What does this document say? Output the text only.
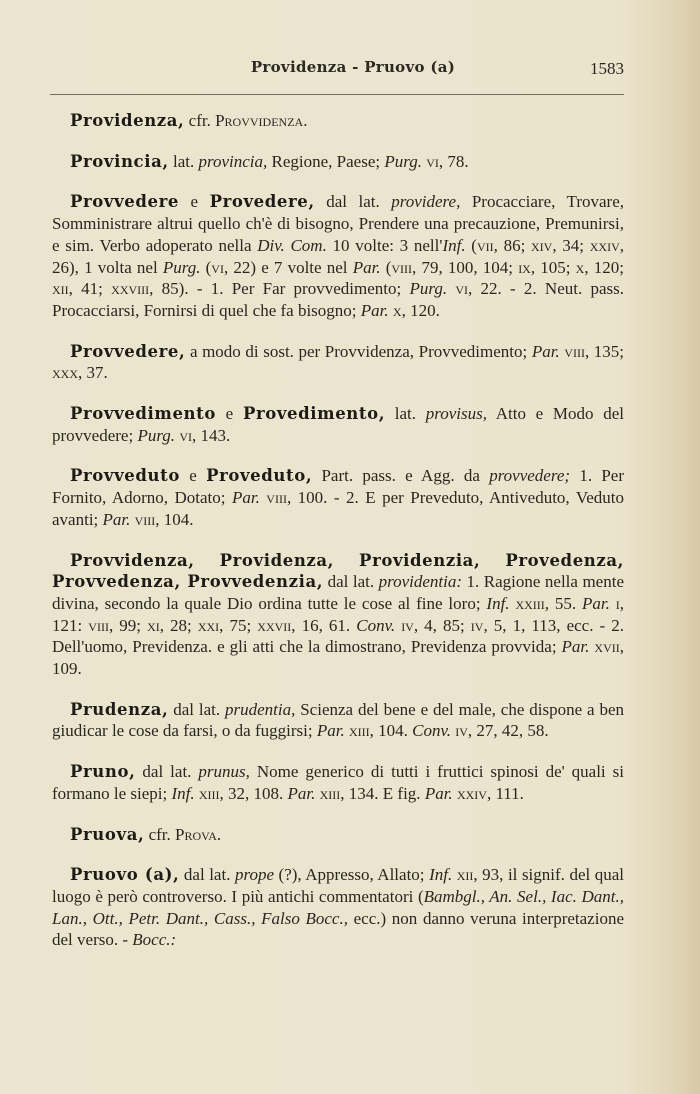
Providenza - Pruovo (a)	1583

Providenza, cfr. Provvidenza.

Provincia, lat. provincia, Regione, Paese; Purg. vi, 78.

Provvedere e Provedere, dal lat. providere, Procacciare, Trovare, Somministrare altrui quello ch'è di bisogno, Prendere una precauzione, Premunirsi, e sim. Verbo adoperato nella Div. Com. 10 volte: 3 nell'Inf. (vii, 86; xiv, 34; xxiv, 26), 1 volta nel Purg. (vi, 22) e 7 volte nel Par. (viii, 79, 100, 104; ix, 105; x, 120; xii, 41; xxviii, 85). - 1. Per Far provvedimento; Purg. vi, 22. - 2. Neut. pass. Procacciarsi, Fornirsi di quel che fa bisogno; Par. x, 120.

Provvedere, a modo di sost. per Provvidenza, Provvedimento; Par. viii, 135; xxx, 37.

Provvedimento e Provedimento, lat. provisus, Atto e Modo del provvedere; Purg. vi, 143.

Provveduto e Proveduto, Part. pass. e Agg. da provvedere; 1. Per Fornito, Adorno, Dotato; Par. viii, 100. - 2. E per Preveduto, Antiveduto, Veduto avanti; Par. viii, 104.

Provvidenza, Providenza, Providenzia, Provedenza, Provvedenza, Provvedenzia, dal lat. providentia: 1. Ragione nella mente divina, secondo la quale Dio ordina tutte le cose al fine loro; Inf. xxiii, 55. Par. i, 121: viii, 99; xi, 28; xxi, 75; xxvii, 16, 61. Conv. iv, 4, 85; iv, 5, 1, 113, ecc. - 2. Dell'uomo, Previdenza. e gli atti che la dimostrano, Previdenza provvida; Par. xvii, 109.

Prudenza, dal lat. prudentia, Scienza del bene e del male, che dispone a ben giudicar le cose da farsi, o da fuggirsi; Par. xiii, 104. Conv. iv, 27, 42, 58.

Pruno, dal lat. prunus, Nome generico di tutti i fruttici spinosi de' quali si formano le siepi; Inf. xiii, 32, 108. Par. xiii, 134. E fig. Par. xxiv, 111.

Pruova, cfr. Prova.

Pruovo (a), dal lat. prope (?), Appresso, Allato; Inf. xii, 93, il signif. del qual luogo è però controverso. I più antichi commentatori (Bambgl., An. Sel., Iac. Dant., Lan., Ott., Petr. Dant., Cass., Falso Bocc., ecc.) non danno veruna interpretazione del verso. - Bocc.:
